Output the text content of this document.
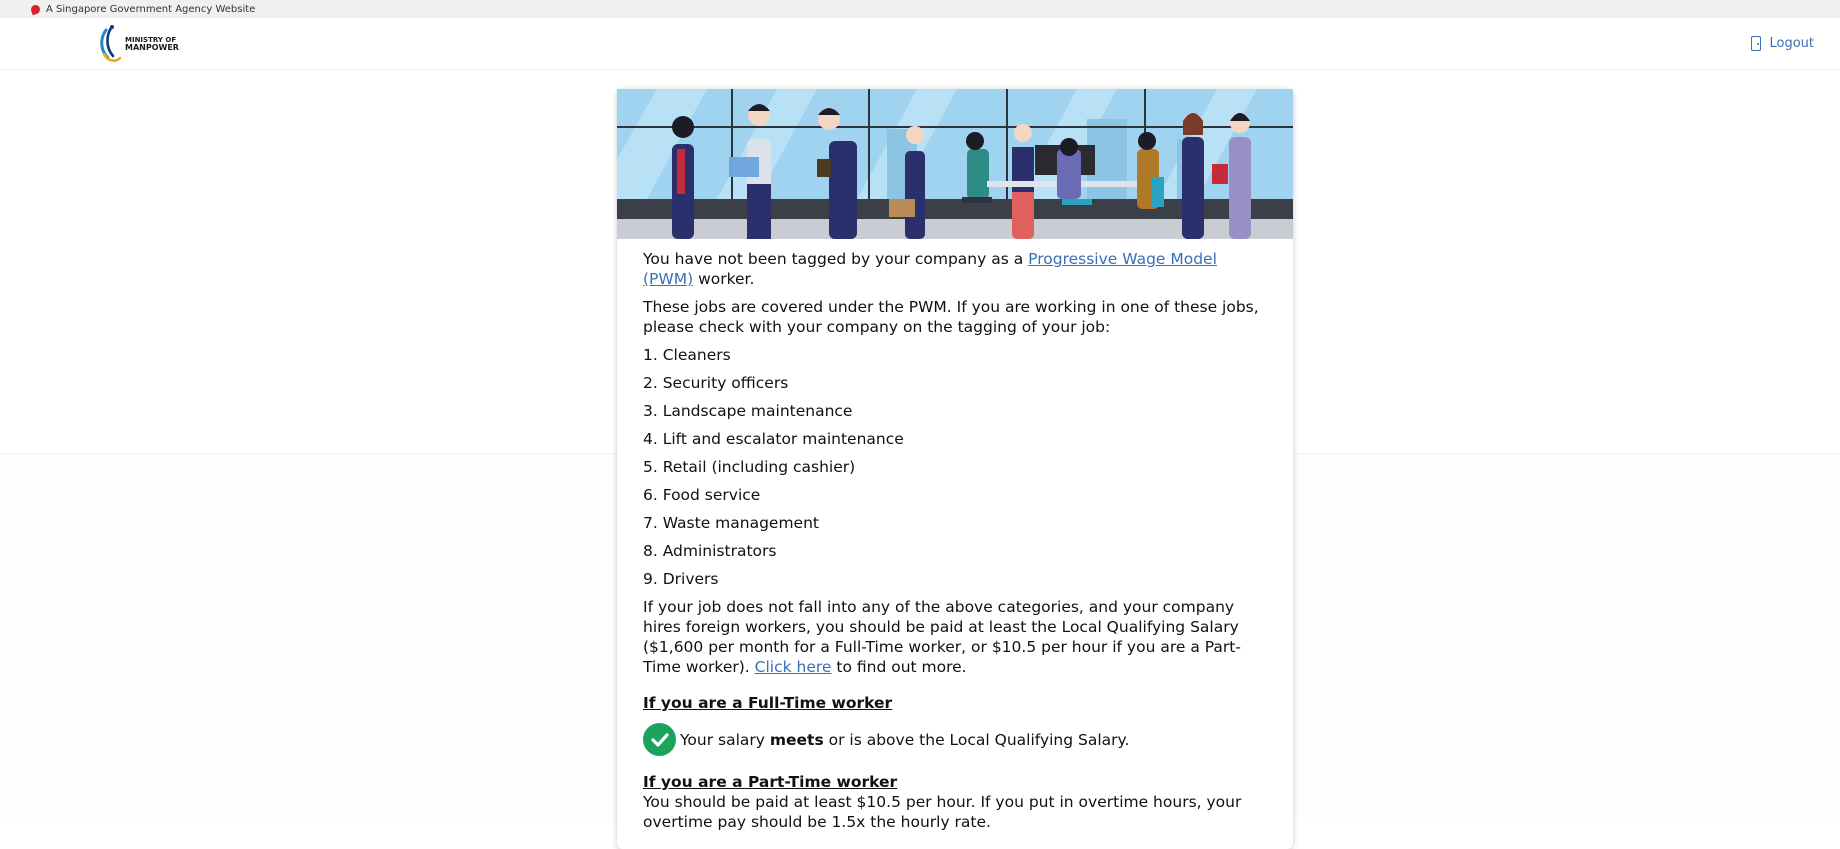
A Singapore Government Agency Website
MINISTRY OF
MANPOWER	Logout

You have not been tagged by your company as a Progressive Wage Model (PWM) worker.

These jobs are covered under the PWM. If you are working in one of these jobs, please check with your company on the tagging of your job:

1. Cleaners
2. Security officers
3. Landscape maintenance
4. Lift and escalator maintenance
5. Retail (including cashier)
6. Food service
7. Waste management
8. Administrators
9. Drivers

If your job does not fall into any of the above categories, and your company hires foreign workers, you should be paid at least the Local Qualifying Salary ($1,600 per month for a Full-Time worker, or $10.5 per hour if you are a Part-Time worker). Click here to find out more.

If you are a Full-Time worker
Your salary meets or is above the Local Qualifying Salary.
If you are a Part-Time worker

You should be paid at least $10.5 per hour. If you put in overtime hours, your overtime pay should be 1.5x the hourly rate.
